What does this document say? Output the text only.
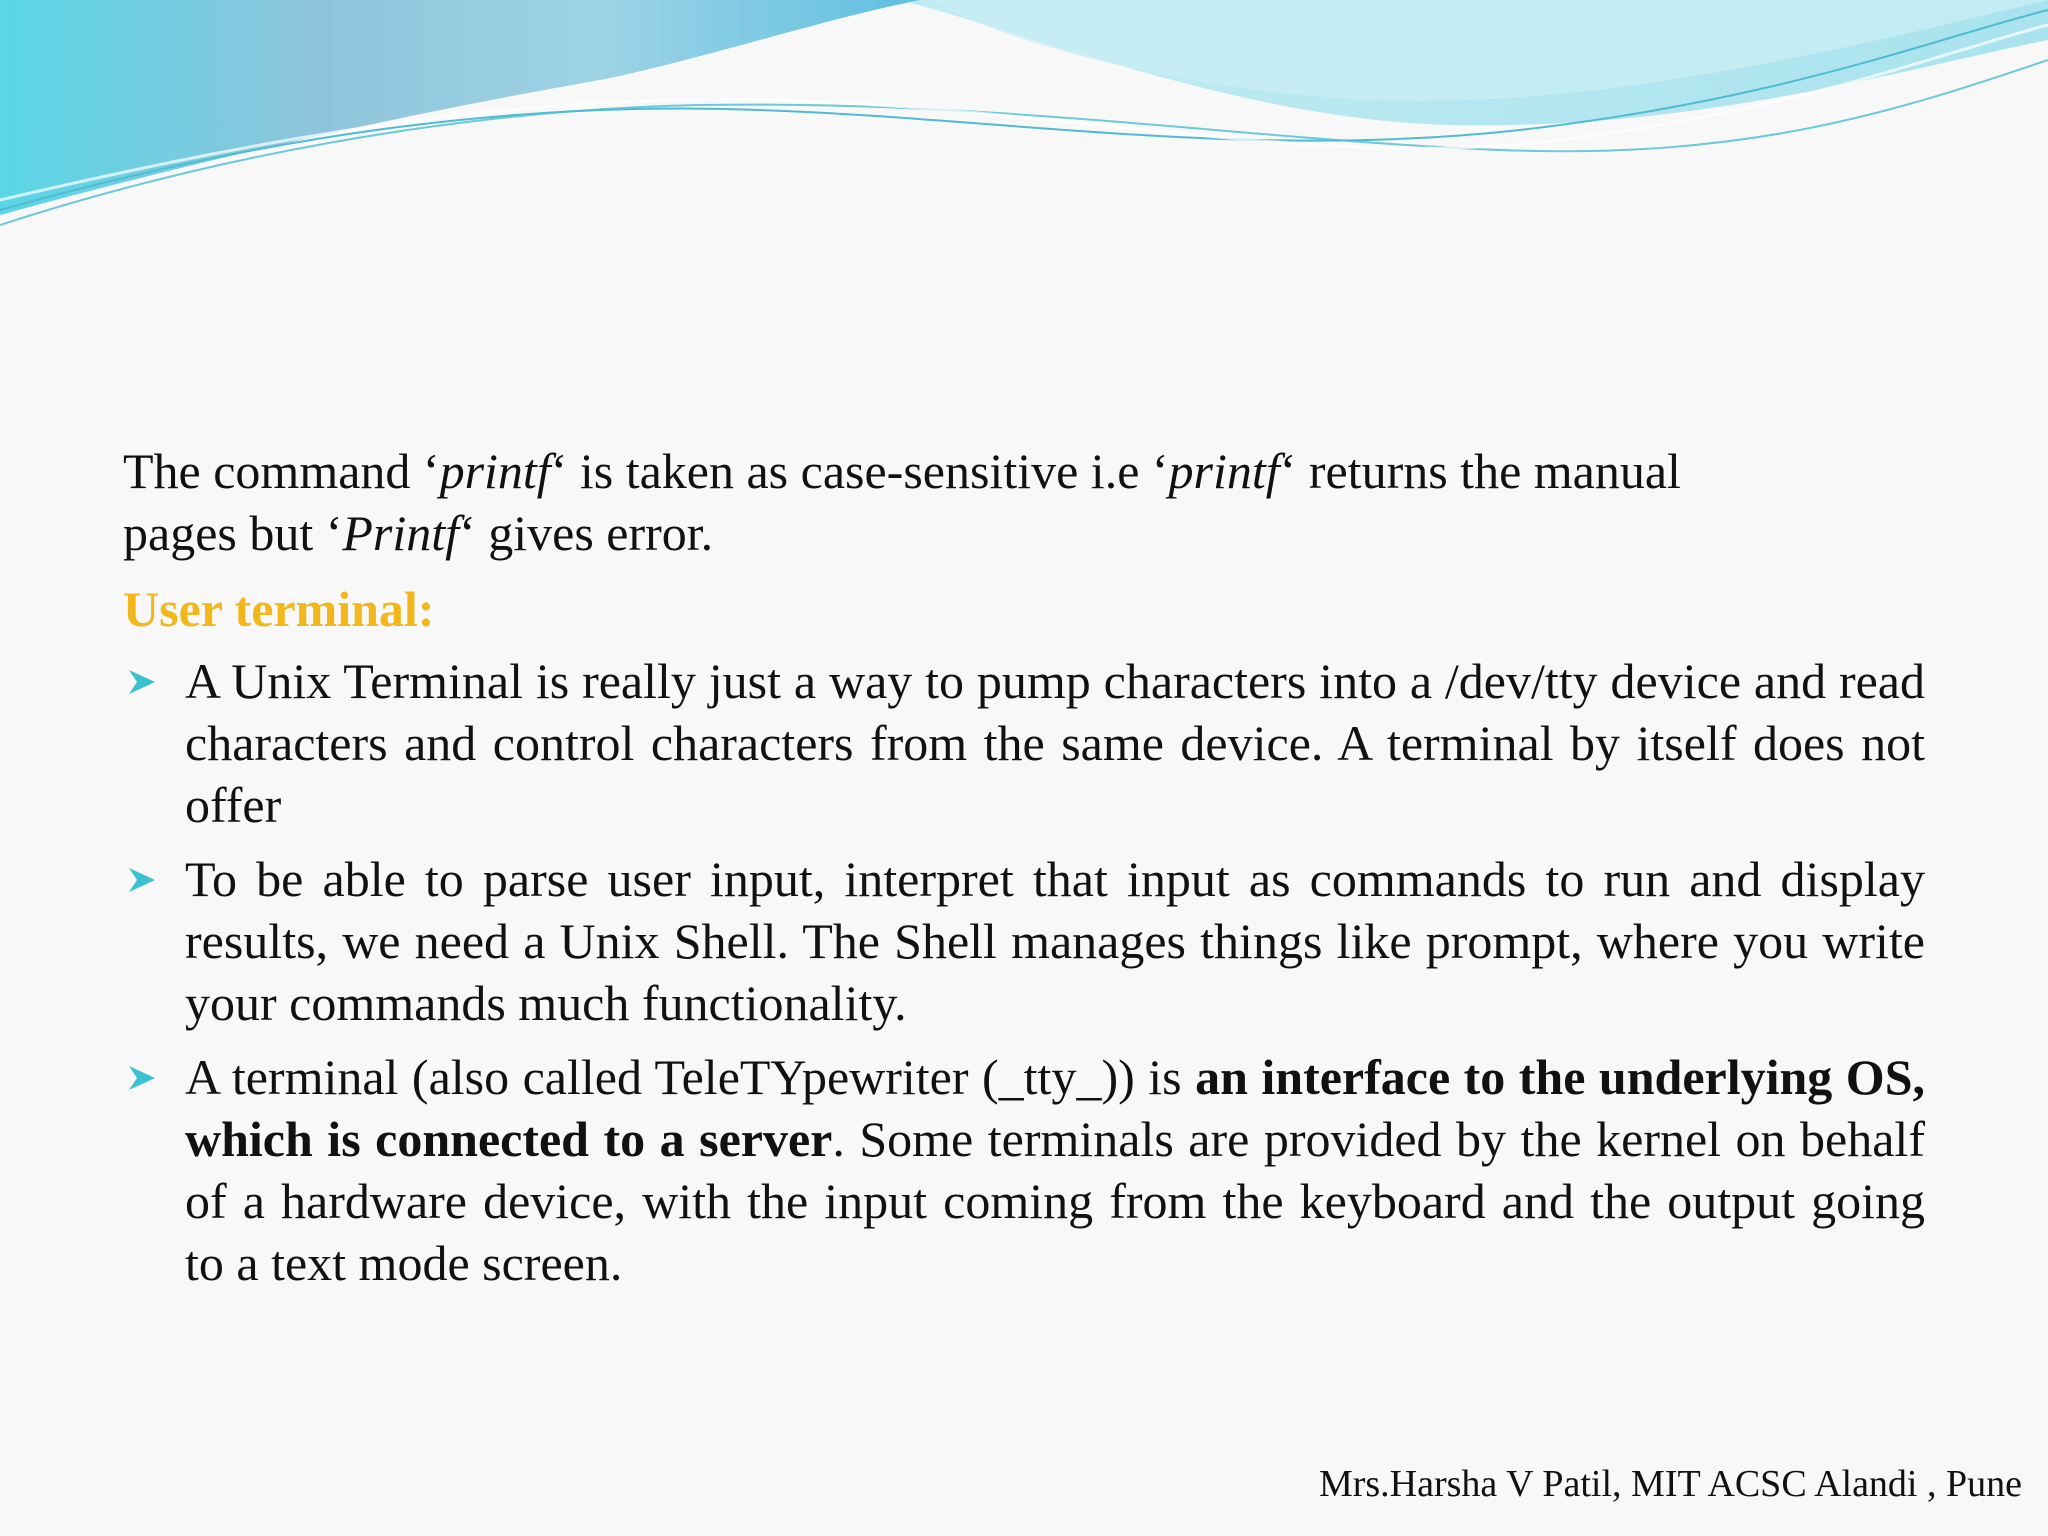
The command ‘printf‘ is taken as case-sensitive i.e ‘printf‘ returns the manual

pages but ‘Printf‘ gives error.

User terminal:

A Unix Terminal is really just a way to pump characters into a /dev/tty device and read characters and control characters from the same device. A terminal by itself does not offer
To be able to parse user input, interpret that input as commands to run and display results, we need a Unix Shell. The Shell manages things like prompt, where you write your commands much functionality.
A terminal (also called TeleTYpewriter (_tty_)) is an interface to the underlying OS, which is connected to a server. Some terminals are provided by the kernel on behalf of a hardware device, with the input coming from the keyboard and the output going to a text mode screen.
Mrs.Harsha V Patil, MIT ACSC Alandi , Pune
